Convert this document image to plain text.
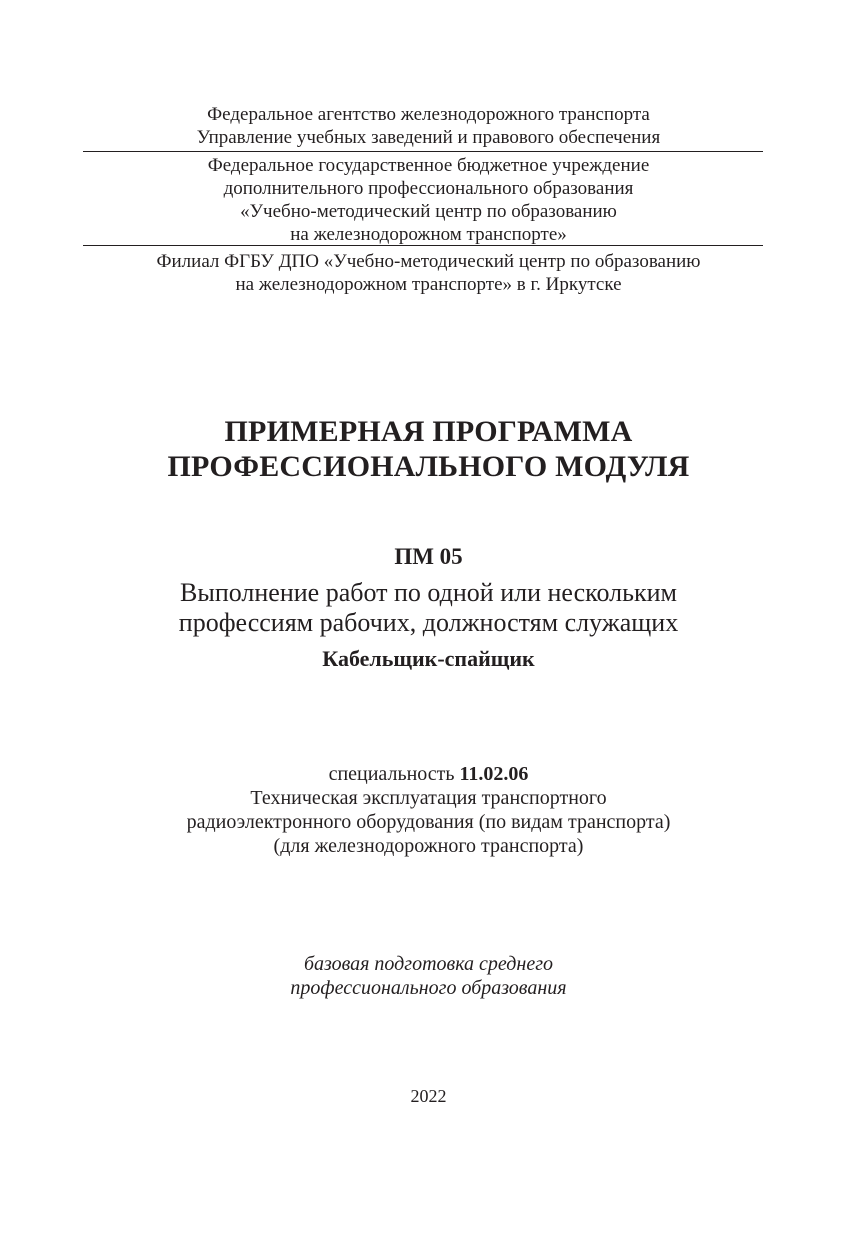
Федеральное агентство железнодорожного транспорта
Управление учебных заведений и правового обеспечения
Федеральное государственное бюджетное учреждение
дополнительного профессионального образования
«Учебно-методический центр по образованию
на железнодорожном транспорте»
Филиал ФГБУ ДПО «Учебно-методический центр по образованию
на железнодорожном транспорте» в г. Иркутске
ПРИМЕРНАЯ ПРОГРАММА
ПРОФЕССИОНАЛЬНОГО МОДУЛЯ
ПМ 05
Выполнение работ по одной или нескольким
профессиям рабочих, должностям служащих
Кабельщик-спайщик
специальность 11.02.06
Техническая эксплуатация транспортного
радиоэлектронного оборудования (по видам транспорта)
(для железнодорожного транспорта)
базовая подготовка среднего
профессионального образования
2022
